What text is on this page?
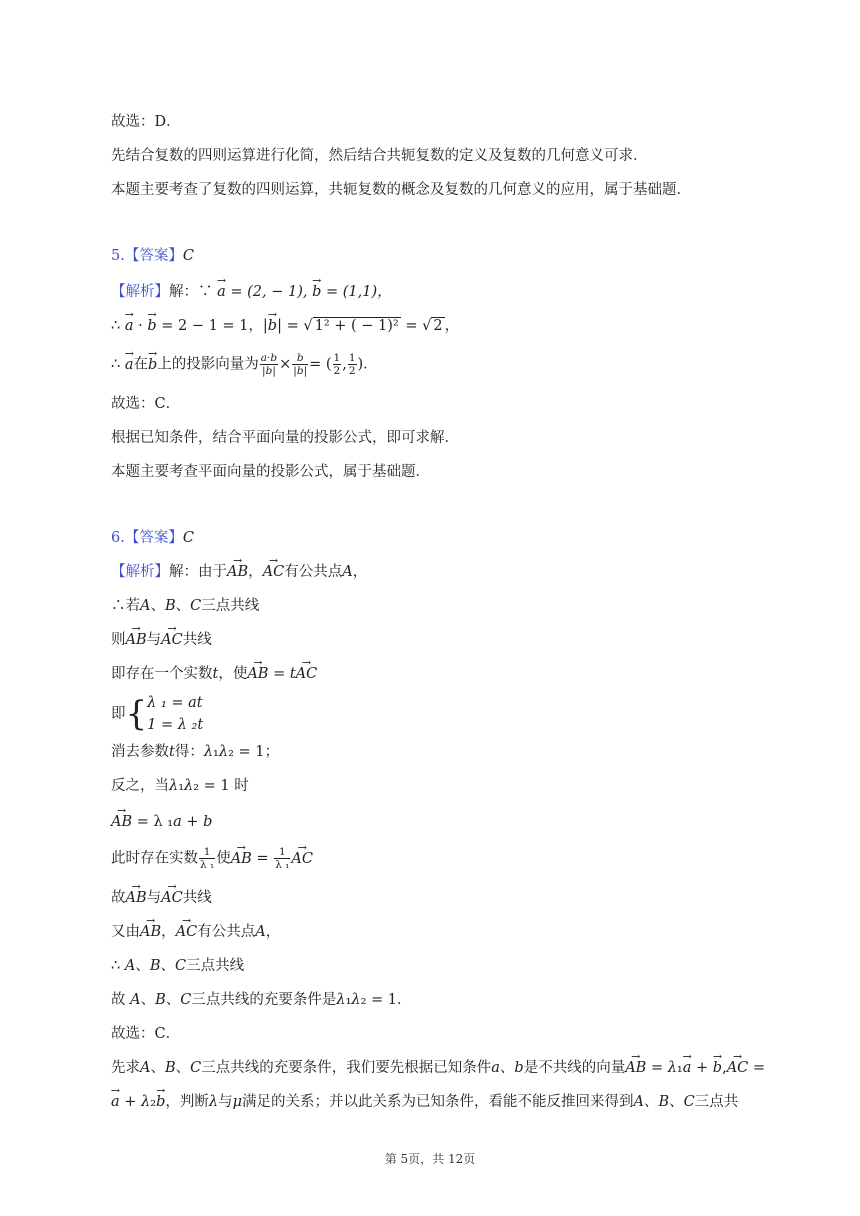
故选：D．
先结合复数的四则运算进行化简，然后结合共轭复数的定义及复数的几何意义可求．
本题主要考查了复数的四则运算，共轭复数的概念及复数的几何意义的应用，属于基础题．
5.【答案】C
【解析】解：∵ → a = (2, − 1), → b = (1,1)，
∴ → a · → b = 2 − 1 = 1，|→ b| = √ 1² + ( − 1)² = √ 2 ，
∴ → a在→ b上的投影向量为 $\frac{a\cdot b}{|b|} \times \frac{b}{|b|}$ = ( $\frac{1}{2}$ , $\frac{1}{2}$ )．
故选：C．
根据已知条件，结合平面向量的投影公式，即可求解．
本题主要考查平面向量的投影公式，属于基础题．
6.【答案】C
【解析】解：由于→ AB，→ AC有公共点A，
∴若A、B、C三点共线
则→ AB与→ AC共线
即存在一个实数t，使→ AB = t→ AC
即{λ ₁ = at
1 = λ ₂t
消去参数t得：λ₁λ₂ = 1；
反之，当λ₁λ₂ = 1 时
→ AB = λ ₁a + b
此时存在实数 $\frac{1}{\text{λ ₁}}$ 使→ AB = $\frac{1}{\text{λ ₁}}$ → AC
故→ AB与→ AC共线
又由→ AB，→ AC有公共点A，
∴ A、B、C三点共线
故 A、B、C三点共线的充要条件是λ₁λ₂ = 1．
故选：C．
先求A、B、C三点共线的充要条件，我们要先根据已知条件a、b是不共线的向量→ AB = λ₁→ a + → b,→ AC =
→ a + λ₂→ b，判断λ与μ满足的关系；并以此关系为已知条件，看能不能反推回来得到A、B、C三点共
第 5页，共 12页
